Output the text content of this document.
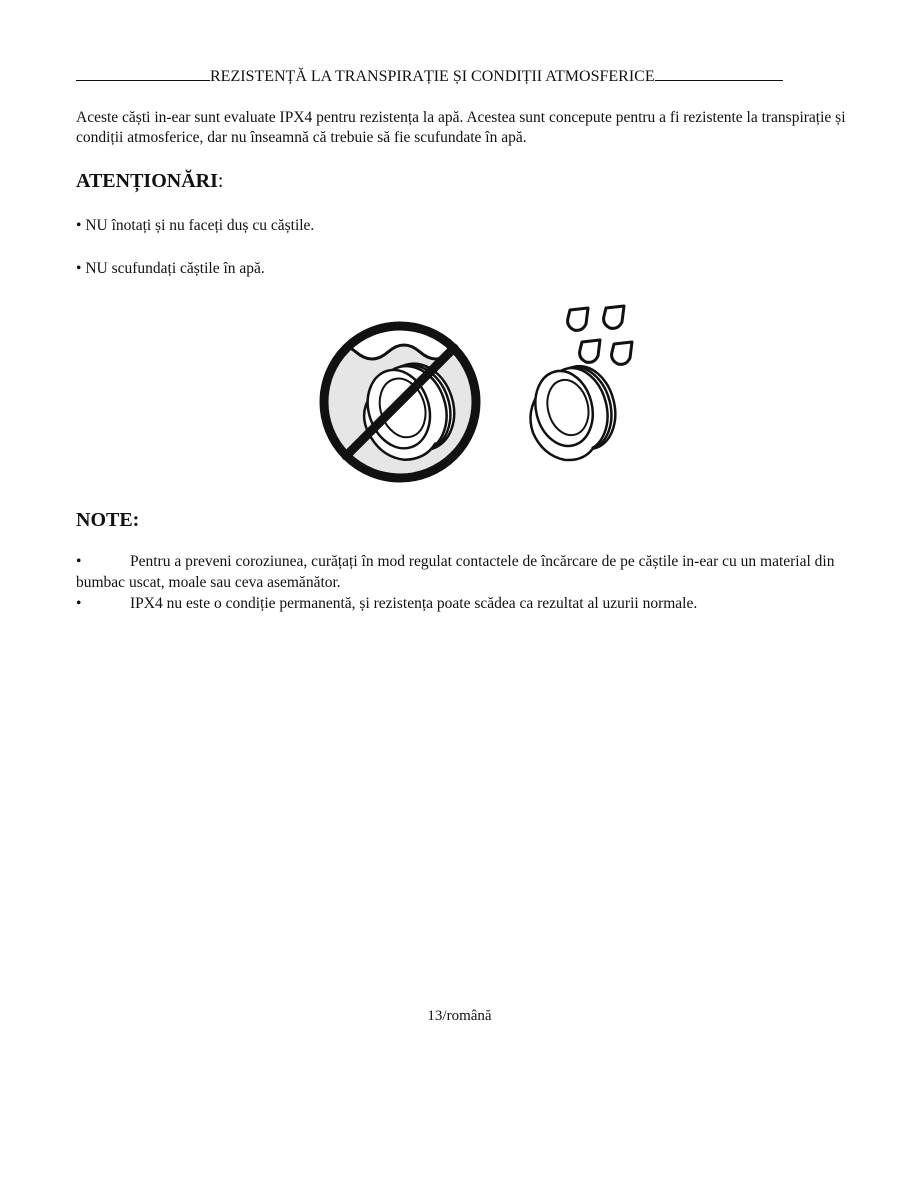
REZISTENȚĂ LA TRANSPIRAȚIE ȘI CONDIȚII ATMOSFERICE

Aceste căști in-ear sunt evaluate IPX4 pentru rezistența la apă. Acestea sunt concepute pentru a fi rezistente la transpirație și condiții atmosferice, dar nu înseamnă că trebuie să fie scufundate în apă.

ATENȚIONĂRI:
• NU înotați și nu faceți duș cu căștile.
• NU scufundați căștile în apă.
NOTE:

•	Pentru a preveni coroziunea, curățați în mod regulat contactele de încărcare de pe căștile in-ear cu un material din bumbac uscat, moale sau ceva asemănător.

•	IPX4 nu este o condiție permanentă, și rezistența poate scădea ca rezultat al uzurii normale.

13/română
